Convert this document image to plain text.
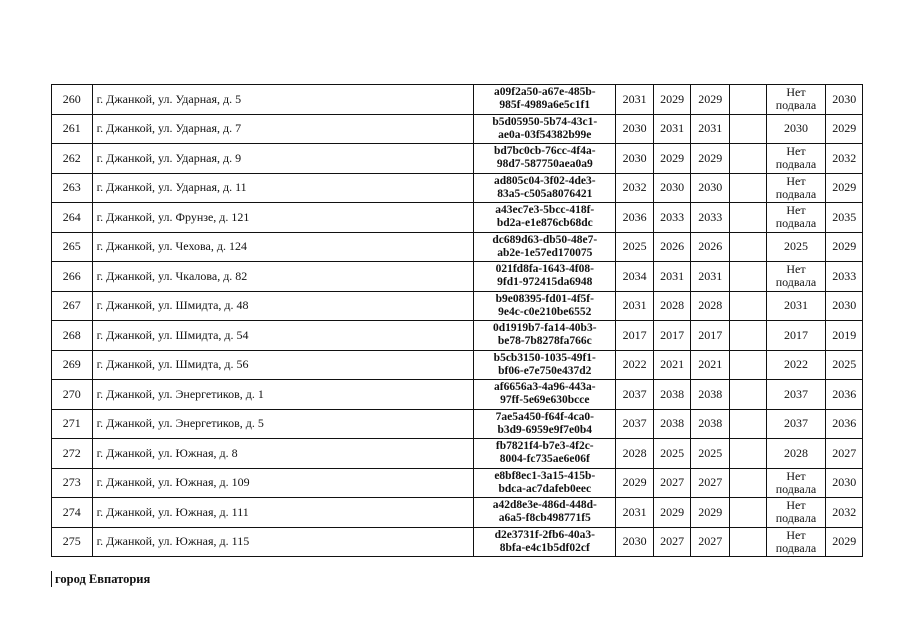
260	г. Джанкой, ул. Ударная, д. 5	a09f2a50-a67e-485b-
985f-4989a6e5c1f1	2031	2029	2029		Нет
подвала	2030
261	г. Джанкой, ул. Ударная, д. 7	b5d05950-5b74-43c1-
ae0a-03f54382b99e	2030	2031	2031		2030	2029
262	г. Джанкой, ул. Ударная, д. 9	bd7bc0cb-76cc-4f4a-
98d7-587750aea0a9	2030	2029	2029		Нет
подвала	2032
263	г. Джанкой, ул. Ударная, д. 11	ad805c04-3f02-4de3-
83a5-c505a8076421	2032	2030	2030		Нет
подвала	2029
264	г. Джанкой, ул. Фрунзе, д. 121	a43ec7e3-5bcc-418f-
bd2a-e1e876cb68dc	2036	2033	2033		Нет
подвала	2035
265	г. Джанкой, ул. Чехова, д. 124	dc689d63-db50-48e7-
ab2e-1e57ed170075	2025	2026	2026		2025	2029
266	г. Джанкой, ул. Чкалова, д. 82	021fd8fa-1643-4f08-
9fd1-972415da6948	2034	2031	2031		Нет
подвала	2033
267	г. Джанкой, ул. Шмидта, д. 48	b9e08395-fd01-4f5f-
9e4c-c0e210be6552	2031	2028	2028		2031	2030
268	г. Джанкой, ул. Шмидта, д. 54	0d1919b7-fa14-40b3-
be78-7b8278fa766c	2017	2017	2017		2017	2019
269	г. Джанкой, ул. Шмидта, д. 56	b5cb3150-1035-49f1-
bf06-e7e750e437d2	2022	2021	2021		2022	2025
270	г. Джанкой, ул. Энергетиков, д. 1	af6656a3-4a96-443a-
97ff-5e69e630bcce	2037	2038	2038		2037	2036
271	г. Джанкой, ул. Энергетиков, д. 5	7ae5a450-f64f-4ca0-
b3d9-6959e9f7e0b4	2037	2038	2038		2037	2036
272	г. Джанкой, ул. Южная, д. 8	fb7821f4-b7e3-4f2c-
8004-fc735ae6e06f	2028	2025	2025		2028	2027
273	г. Джанкой, ул. Южная, д. 109	e8bf8ec1-3a15-415b-
bdca-ac7dafeb0eec	2029	2027	2027		Нет
подвала	2030
274	г. Джанкой, ул. Южная, д. 111	a42d8e3e-486d-448d-
a6a5-f8cb498771f5	2031	2029	2029		Нет
подвала	2032
275	г. Джанкой, ул. Южная, д. 115	d2e3731f-2fb6-40a3-
8bfa-e4c1b5df02cf	2030	2027	2027		Нет
подвала	2029
город Евпатория
